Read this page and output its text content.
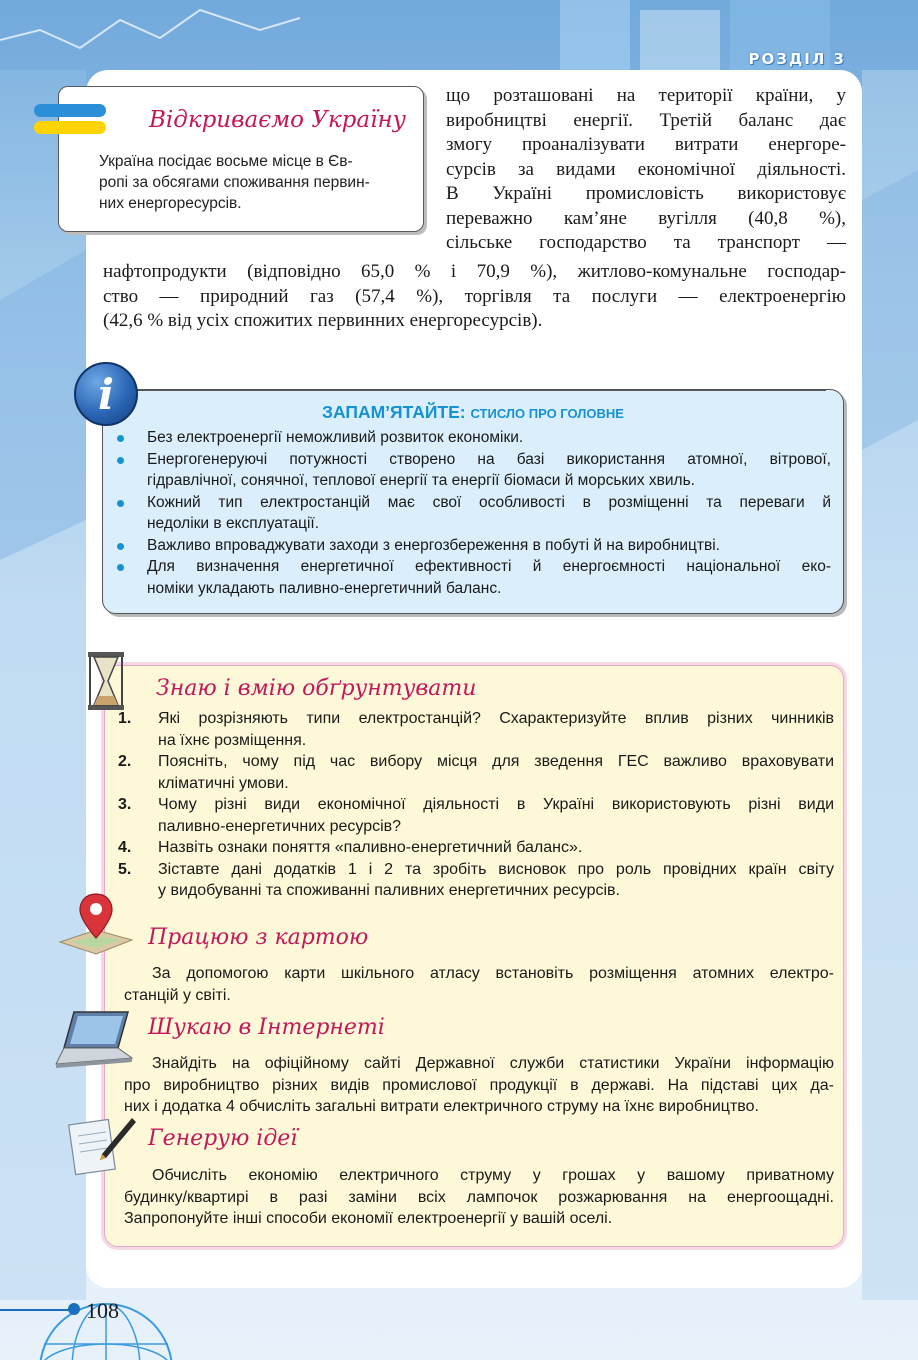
РОЗДІЛ 3
Відкриваємо Україну
Україна посідає восьме місце в Єв-
ропі за обсягами споживання первин-
них енергоресурсів.
що розташовані на території країни, у
виробництві енергії. Третій баланс дає
змогу проаналізувати витрати енергоре-
сурсів за видами економічної діяльності.
В Україні промисловість використовує
переважно кам’яне вугілля (40,8 %),
сільське господарство та транспорт —
нафтопродукти (відповідно 65,0 % і 70,9 %), житлово-комунальне господар-
ство — природний газ (57,4 %), торгівля та послуги — електроенергію
(42,6 % від усіх спожитих первинних енергоресурсів).
ЗАПАМ’ЯТАЙТЕ: СТИСЛО ПРО ГОЛОВНЕ
Без електроенергії неможливий розвиток економіки.
Енергогенеруючі потужності створено на базі використання атомної, вітрової,
гідравлічної, сонячної, теплової енергії та енергії біомаси й морських хвиль.
Кожний тип електростанцій має свої особливості в розміщенні та переваги й
недоліки в експлуатації.
Важливо впроваджувати заходи з енергозбереження в побуті й на виробництві.
Для визначення енергетичної ефективності й енергоємності національної еко-
номіки укладають паливно-енергетичний баланс.
i
Знаю і вмію обґрунтувати
1. Які розрізняють типи електростанцій? Схарактеризуйте вплив різних чинників
на їхнє розміщення.
2. Поясніть, чому під час вибору місця для зведення ГЕС важливо враховувати
кліматичні умови.
3. Чому різні види економічної діяльності в Україні використовують різні види
паливно-енергетичних ресурсів?
4. Назвіть ознаки поняття «паливно-енергетичний баланс».
5. Зіставте дані додатків 1 і 2 та зробіть висновок про роль провідних країн світу
у видобуванні та споживанні паливних енергетичних ресурсів.
Працюю з картою
За допомогою карти шкільного атласу встановіть розміщення атомних електро-
станцій у світі.
Шукаю в Інтернеті
Знайдіть на офіційному сайті Державної служби статистики України інформацію
про виробництво різних видів промислової продукції в державі. На підставі цих да-
них і додатка 4 обчисліть загальні витрати електричного струму на їхнє виробництво.
Генерую ідеї
Обчисліть економію електричного струму у грошах у вашому приватному
будинку/квартирі в разі заміни всіх лампочок розжарювання на енергоощадні.
Запропонуйте інші способи економії електроенергії у вашій оселі.
108
